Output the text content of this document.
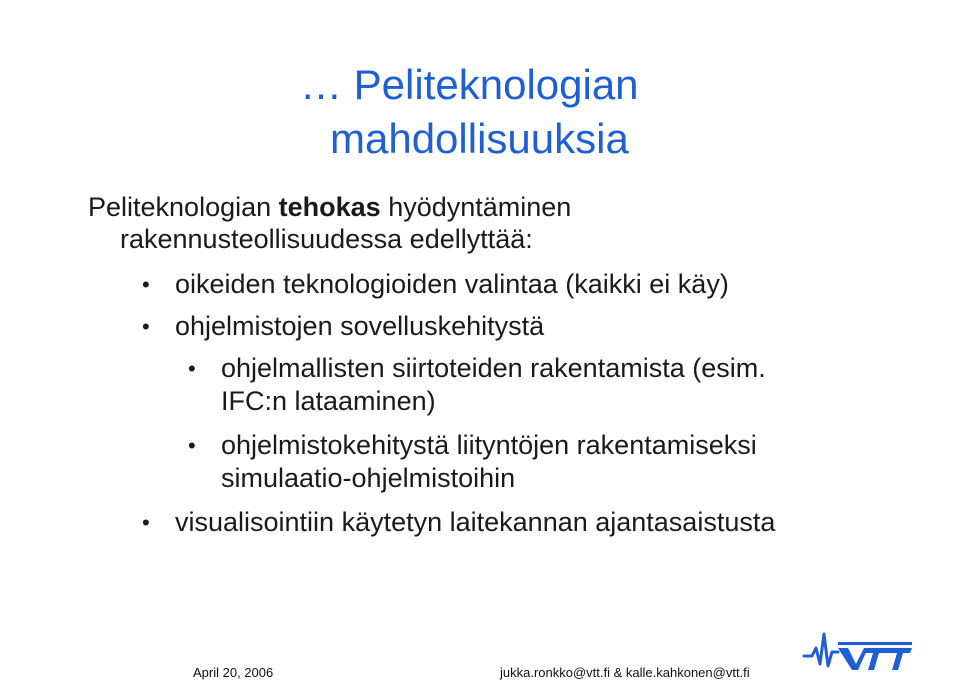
… Peliteknologian
mahdollisuuksia
Peliteknologian tehokas hyödyntäminen
rakennusteollisuudessa edellyttää:
• oikeiden teknologioiden valintaa (kaikki ei käy)
• ohjelmistojen sovelluskehitystä
• ohjelmallisten siirtoteiden rakentamista (esim.
IFC:n lataaminen)
• ohjelmistokehitystä liityntöjen rakentamiseksi
simulaatio-ohjelmistoihin
• visualisointiin käytetyn laitekannan ajantasaistusta
April 20, 2006	jukka.ronkko@vtt.fi & kalle.kahkonen@vtt.fi
